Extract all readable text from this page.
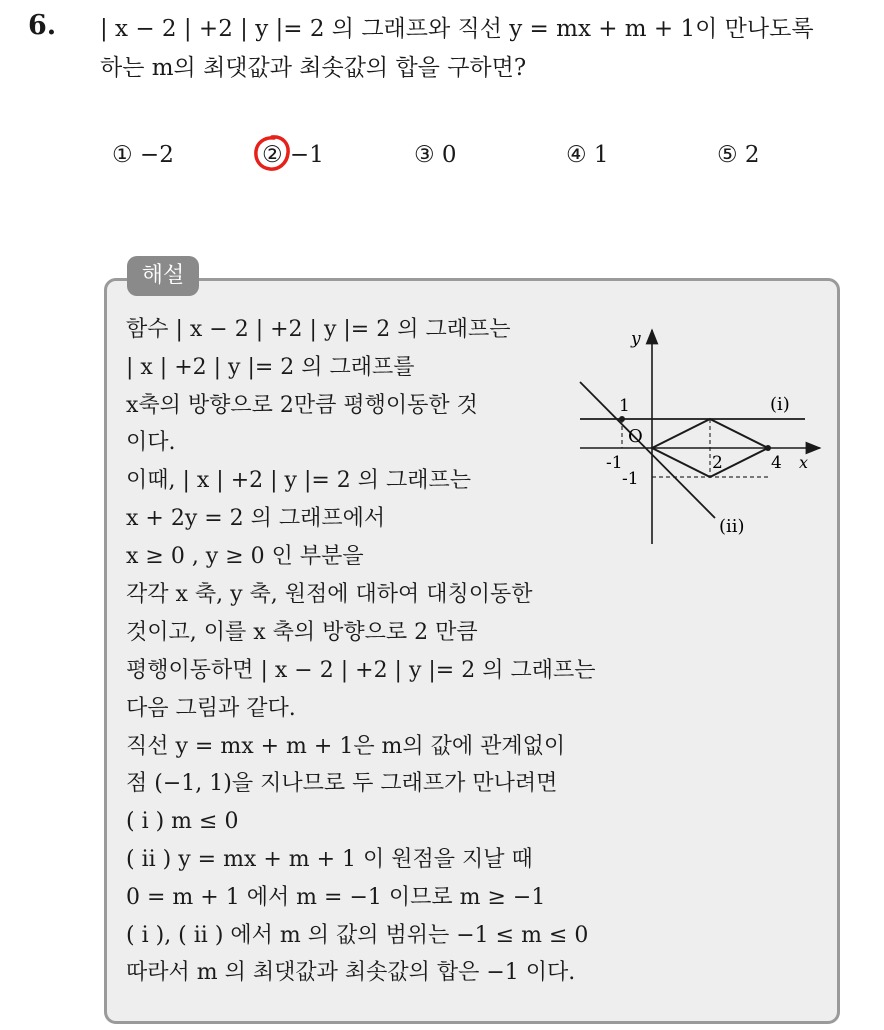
6. | x − 2 | +2 | y |= 2 의 그래프와 직선 y = mx + m + 1이 만나도록
하는 m의 최댓값과 최솟값의 합을 구하면?
① −2	② −1	③ 0	④ 1	⑤ 2
해설
함수 | x − 2 | +2 | y |= 2 의 그래프는
| x | +2 | y |= 2 의 그래프를
x축의 방향으로 2만큼 평행이동한 것
이다.
이때, | x | +2 | y |= 2 의 그래프는
x + 2y = 2 의 그래프에서
x ≥ 0 , y ≥ 0 인 부분을
각각 x 축, y 축, 원점에 대하여 대칭이동한
것이고, 이를 x 축의 방향으로 2 만큼
평행이동하면 | x − 2 | +2 | y |= 2 의 그래프는
다음 그림과 같다.
직선 y = mx + m + 1은 m의 값에 관계없이
점 (−1, 1)을 지나므로 두 그래프가 만나려면
( i ) m ≤ 0
( ii ) y = mx + m + 1 이 원점을 지날 때
0 = m + 1 에서 m = −1 이므로 m ≥ −1
( i ), ( ii ) 에서 m 의 값의 범위는 −1 ≤ m ≤ 0
따라서 m 의 최댓값과 최솟값의 합은 −1 이다.
y
x
O
1
-1
-1
2	4
(i)
(ii)
